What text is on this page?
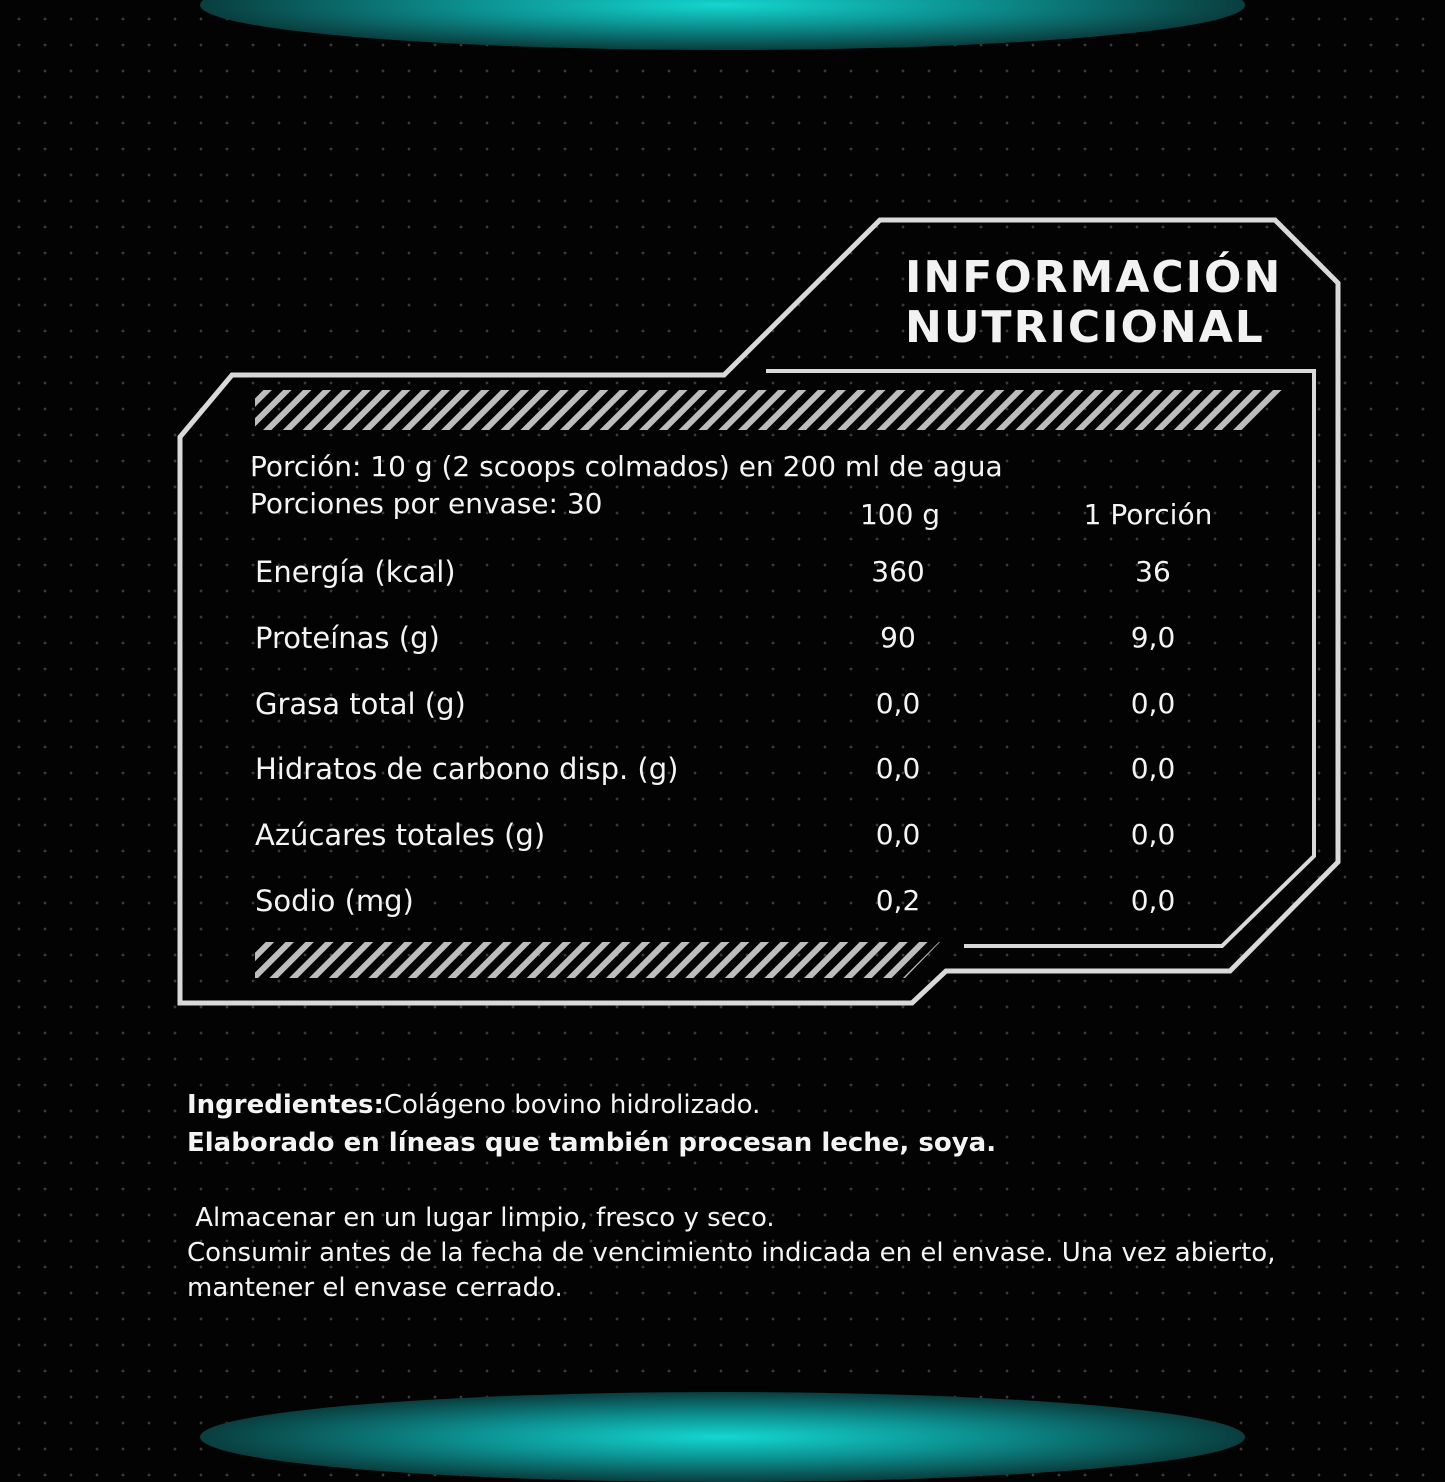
INFORMACIÓN
NUTRICIONAL
Porción: 10 g (2 scoops colmados) en 200 ml de agua
Porciones por envase: 30	100 g	1 Porción
Energía (kcal)	360	36
Proteínas (g)	90	9,0
Grasa total (g)	0,0	0,0
Hidratos de carbono disp. (g)	0,0	0,0
Azúcares totales (g)	0,0	0,0
Sodio (mg)	0,2	0,0
Ingredientes:Colágeno bovino hidrolizado.
Elaborado en líneas que también procesan leche, soya.
Almacenar en un lugar limpio, fresco y seco.
Consumir antes de la fecha de vencimiento indicada en el envase. Una vez abierto,
mantener el envase cerrado.
